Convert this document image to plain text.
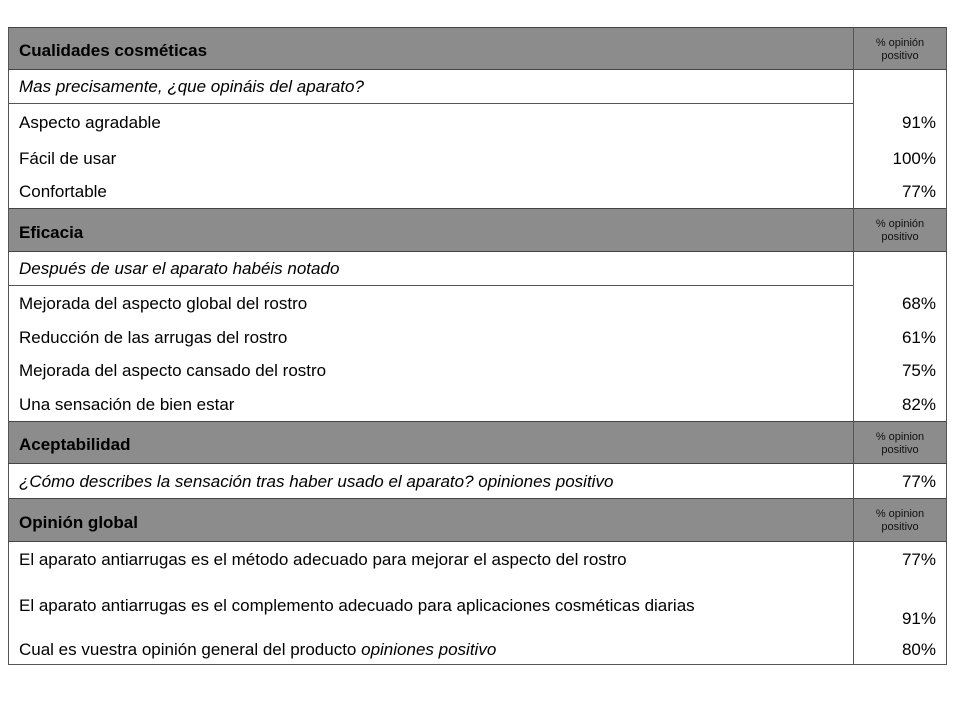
Cualidades cosméticas	% opinión positivo
Mas precisamente, ¿que opináis del aparato?	
Aspecto agradable	91%
Fácil de usar	100%
Confortable	77%
Eficacia	% opinión positivo
Después de usar el aparato habéis notado	
Mejorada del aspecto global del rostro	68%
Reducción de las arrugas del rostro	61%
Mejorada del aspecto cansado del rostro	75%
Una sensación de bien estar	82%
Aceptabilidad	% opinion positivo
¿Cómo describes la sensación tras haber usado el aparato? opiniones positivo	77%
Opinión global	% opinion positivo
El aparato antiarrugas es el método adecuado para mejorar el aspecto del rostro	77%
El aparato antiarrugas es el complemento adecuado para aplicaciones cosméticas diarias	91%
Cual es vuestra opinión general del producto opiniones positivo	80%
